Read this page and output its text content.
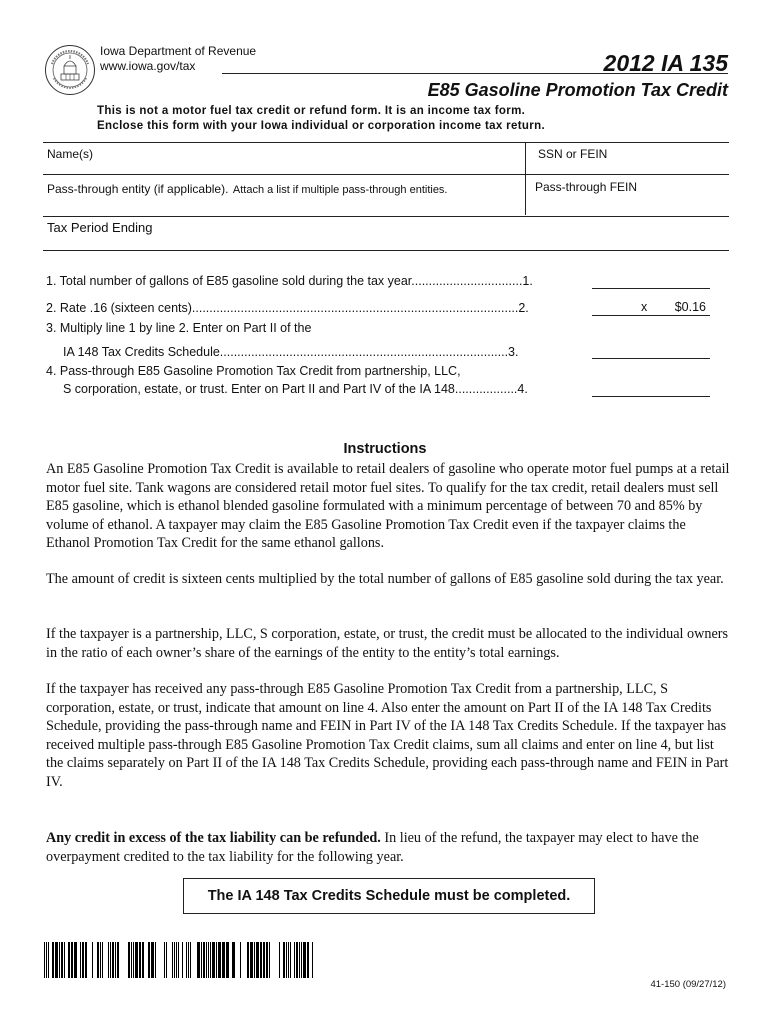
Iowa Department of Revenue
www.iowa.gov/tax	2012 IA 135
E85 Gasoline Promotion Tax Credit
This is not a motor fuel tax credit or refund form. It is an income tax form.
Enclose this form with your Iowa individual or corporation income tax return.
Name(s)	SSN or FEIN
Pass-through entity (if applicable). Attach a list if multiple pass-through entities.	Pass-through FEIN
Tax Period Ending
1. Total number of gallons of E85 gasoline sold during the tax year................................1.
2. Rate .16 (sixteen cents)..............................................................................................2.	x $0.16
3. Multiply line 1 by line 2. Enter on Part II of the
IA 148 Tax Credits Schedule...................................................................................3.
4. Pass-through E85 Gasoline Promotion Tax Credit from partnership, LLC,
S corporation, estate, or trust. Enter on Part II and Part IV of the IA 148..................4.
Instructions
An E85 Gasoline Promotion Tax Credit is available to retail dealers of gasoline who operate motor fuel pumps at a retail motor fuel site. Tank wagons are considered retail motor fuel sites. To qualify for the tax credit, retail dealers must sell E85 gasoline, which is ethanol blended gasoline formulated with a minimum percentage of between 70 and 85% by volume of ethanol. A taxpayer may claim the E85 Gasoline Promotion Tax Credit even if the taxpayer claims the Ethanol Promotion Tax Credit for the same ethanol gallons.
The amount of credit is sixteen cents multiplied by the total number of gallons of E85 gasoline sold during the tax year.
If the taxpayer is a partnership, LLC, S corporation, estate, or trust, the credit must be allocated to the individual owners in the ratio of each owner’s share of the earnings of the entity to the entity’s total earnings.
If the taxpayer has received any pass-through E85 Gasoline Promotion Tax Credit from a partnership, LLC, S corporation, estate, or trust, indicate that amount on line 4. Also enter the amount on Part II of the IA 148 Tax Credits Schedule, providing the pass-through name and FEIN in Part IV of the IA 148 Tax Credits Schedule. If the taxpayer has received multiple pass-through E85 Gasoline Promotion Tax Credit claims, sum all claims and enter on line 4, but list the claims separately on Part II of the IA 148 Tax Credits Schedule, providing each pass-through name and FEIN in Part IV.
Any credit in excess of the tax liability can be refunded. In lieu of the refund, the taxpayer may elect to have the overpayment credited to the tax liability for the following year.
The IA 148 Tax Credits Schedule must be completed.
41-150 (09/27/12)
